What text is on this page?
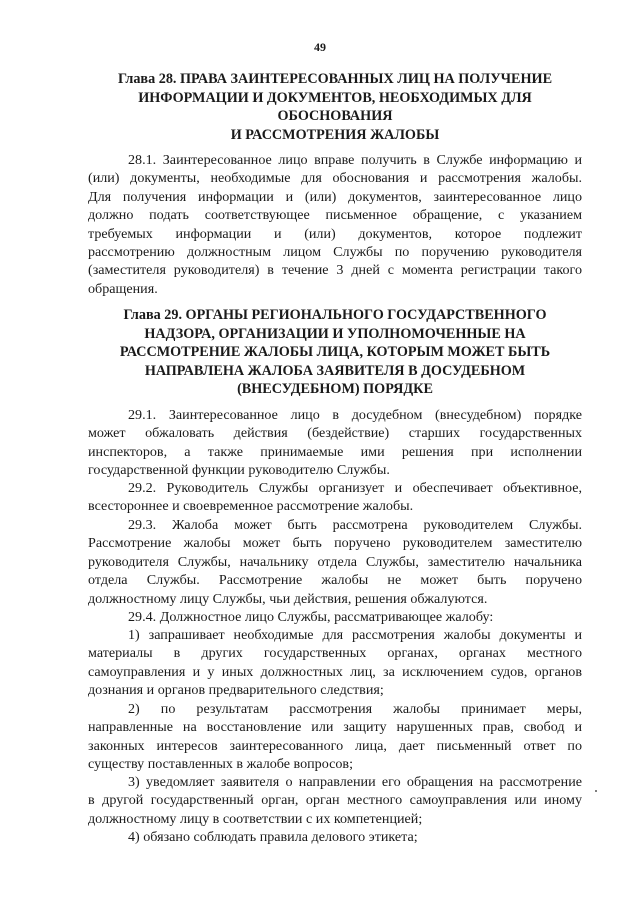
49
Глава 28. ПРАВА ЗАИНТЕРЕСОВАННЫХ ЛИЦ НА ПОЛУЧЕНИЕ
ИНФОРМАЦИИ И ДОКУМЕНТОВ, НЕОБХОДИМЫХ ДЛЯ
ОБОСНОВАНИЯ
И РАССМОТРЕНИЯ ЖАЛОБЫ

28.1. Заинтересованное лицо вправе получить в Службе информацию и
(или) документы, необходимые для обоснования и рассмотрения жалобы.
Для получения информации и (или) документов, заинтересованное лицо
должно подать соответствующее письменное обращение, с указанием
требуемых информации и (или) документов, которое подлежит
рассмотрению должностным лицом Службы по поручению руководителя
(заместителя руководителя) в течение 3 дней с момента регистрации такого
обращения.

Глава 29. ОРГАНЫ РЕГИОНАЛЬНОГО ГОСУДАРСТВЕННОГО
НАДЗОРА, ОРГАНИЗАЦИИ И УПОЛНОМОЧЕННЫЕ НА
РАССМОТРЕНИЕ ЖАЛОБЫ ЛИЦА, КОТОРЫМ МОЖЕТ БЫТЬ
НАПРАВЛЕНА ЖАЛОБА ЗАЯВИТЕЛЯ В ДОСУДЕБНОМ
(ВНЕСУДЕБНОМ) ПОРЯДКЕ

29.1. Заинтересованное лицо в досудебном (внесудебном) порядке
может обжаловать действия (бездействие) старших государственных
инспекторов, а также принимаемые ими решения при исполнении
государственной функции руководителю Службы.

29.2. Руководитель Службы организует и обеспечивает объективное,
всестороннее и своевременное рассмотрение жалобы.

29.3. Жалоба может быть рассмотрена руководителем Службы.
Рассмотрение жалобы может быть поручено руководителем заместителю
руководителя Службы, начальнику отдела Службы, заместителю начальника
отдела Службы. Рассмотрение жалобы не может быть поручено
должностному лицу Службы, чьи действия, решения обжалуются.

29.4. Должностное лицо Службы, рассматривающее жалобу:

1) запрашивает необходимые для рассмотрения жалобы документы и
материалы в других государственных органах, органах местного
самоуправления и у иных должностных лиц, за исключением судов, органов
дознания и органов предварительного следствия;

2) по результатам рассмотрения жалобы принимает меры,
направленные на восстановление или защиту нарушенных прав, свобод и
законных интересов заинтересованного лица, дает письменный ответ по
существу поставленных в жалобе вопросов;

3) уведомляет заявителя о направлении его обращения на рассмотрение
в другой государственный орган, орган местного самоуправления или иному
должностному лицу в соответствии с их компетенцией;

4) обязано соблюдать правила делового этикета;
